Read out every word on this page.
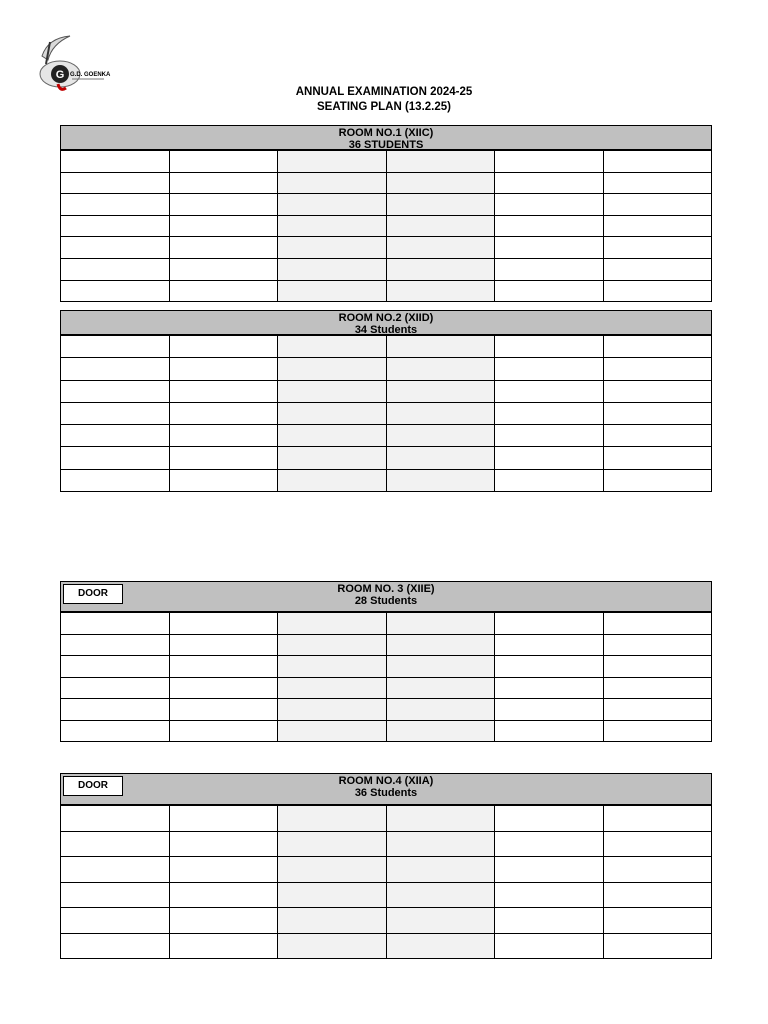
G G.D. GOENKA
ANNUAL EXAMINATION 2024-25
SEATING PLAN (13.2.25)
ROOM NO.1 (XIIC)
36 STUDENTS

ROOM NO.2 (XIID)
34 Students

DOOR	ROOM NO. 3 (XIIE)
28 Students

DOOR	ROOM NO.4 (XIIA)
36 Students
